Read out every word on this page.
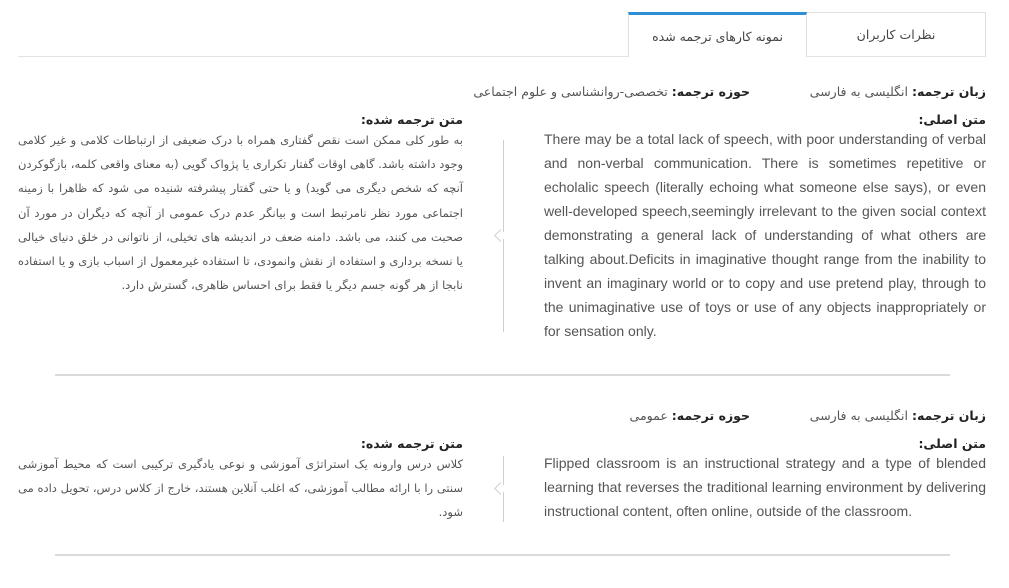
نظرات کاربران
نمونه کارهای ترجمه شده
زبان ترجمه: انگلیسی به فارسی
حوزه ترجمه: تخصصی-روانشناسی و علوم اجتماعی
متن اصلی:

There may be a total lack of speech, with poor understanding of verbal and non-verbal communication. There is sometimes repetitive or echolalic speech (literally echoing what someone else says), or even well-developed speech,seemingly irrelevant to the given social context demonstrating a general lack of understanding of what others are talking about.Deficits in imaginative thought range from the inability to invent an imaginary world or to copy and use pretend play, through to the unimaginative use of toys or use of any objects inappropriately or for sensation only.

متن ترجمه شده:

به طور کلی ممکن است نقص گفتاری همراه با درک ضعیفی از ارتباطات کلامی و غیر کلامی وجود داشته باشد. گاهی اوقات گفتار تکراری یا پژواک گویی (به معنای واقعی کلمه، بازگوکردن آنچه که شخص دیگری می گوید) و یا حتی گفتار پیشرفته شنیده می شود که ظاهرا با زمینه اجتماعی مورد نظر نامرتبط است و بیانگر عدم درک عمومی از آنچه که دیگران در مورد آن صحبت می کنند، می باشد. دامنه ضعف در اندیشه های تخیلی، از ناتوانی در خلق دنیای خیالی یا نسخه برداری و استفاده از نقش وانمودی، تا استفاده غیرمعمول از اسباب بازی و یا استفاده نابجا از هر گونه جسم دیگر یا فقط برای احساس ظاهری، گسترش دارد.

زبان ترجمه: انگلیسی به فارسی
حوزه ترجمه: عمومی
متن اصلی:

Flipped classroom is an instructional strategy and a type of blended learning that reverses the traditional learning environment by delivering instructional content, often online, outside of the classroom.

متن ترجمه شده:

کلاس درس وارونه یک استراتژی آموزشی و نوعی یادگیری ترکیبی است که محیط آموزشی سنتی را با ارائه مطالب آموزشی، که اغلب آنلاین هستند، خارج از کلاس درس، تحویل داده می شود.
